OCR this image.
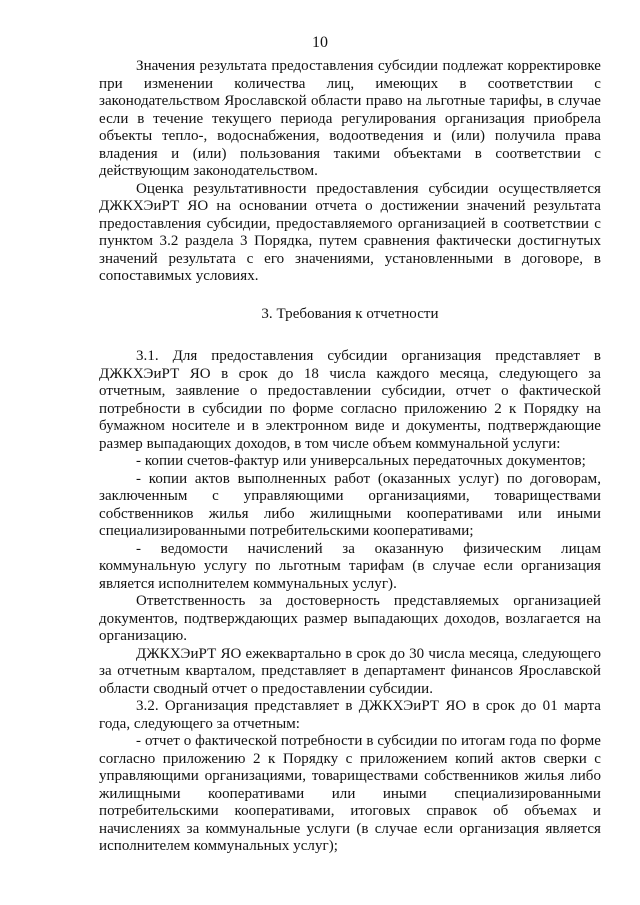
10

Значения результата предоставления субсидии подлежат корректировке при изменении количества лиц, имеющих в соответствии с законодательством Ярославской области право на льготные тарифы, в случае если в течение текущего периода регулирования организация приобрела объекты тепло-, водоснабжения, водоотведения и (или) получила права владения и (или) пользования такими объектами в соответствии с действующим законодательством.

Оценка результативности предоставления субсидии осуществляется ДЖКХЭиРТ ЯО на основании отчета о достижении значений результата предоставления субсидии, предоставляемого организацией в соответствии с пунктом 3.2 раздела 3 Порядка, путем сравнения фактически достигнутых значений результата с его значениями, установленными в договоре, в сопоставимых условиях.

3. Требования к отчетности

3.1. Для предоставления субсидии организация представляет в ДЖКХЭиРТ ЯО в срок до 18 числа каждого месяца, следующего за отчетным, заявление о предоставлении субсидии, отчет о фактической потребности в субсидии по форме согласно приложению 2 к Порядку на бумажном носителе и в электронном виде и документы, подтверждающие размер выпадающих доходов, в том числе объем коммунальной услуги:

- копии счетов-фактур или универсальных передаточных документов;

- копии актов выполненных работ (оказанных услуг) по договорам, заключенным с управляющими организациями, товариществами собственников жилья либо жилищными кооперативами или иными специализированными потребительскими кооперативами;

- ведомости начислений за оказанную физическим лицам коммунальную услугу по льготным тарифам (в случае если организация является исполнителем коммунальных услуг).

Ответственность за достоверность представляемых организацией документов, подтверждающих размер выпадающих доходов, возлагается на организацию.

ДЖКХЭиРТ ЯО ежеквартально в срок до 30 числа месяца, следующего за отчетным кварталом, представляет в департамент финансов Ярославской области сводный отчет о предоставлении субсидии.

3.2. Организация представляет в ДЖКХЭиРТ ЯО в срок до 01 марта года, следующего за отчетным:

- отчет о фактической потребности в субсидии по итогам года по форме согласно приложению 2 к Порядку с приложением копий актов сверки с управляющими организациями, товариществами собственников жилья либо жилищными кооперативами или иными специализированными потребительскими кооперативами, итоговых справок об объемах и начислениях за коммунальные услуги (в случае если организация является исполнителем коммунальных услуг);
